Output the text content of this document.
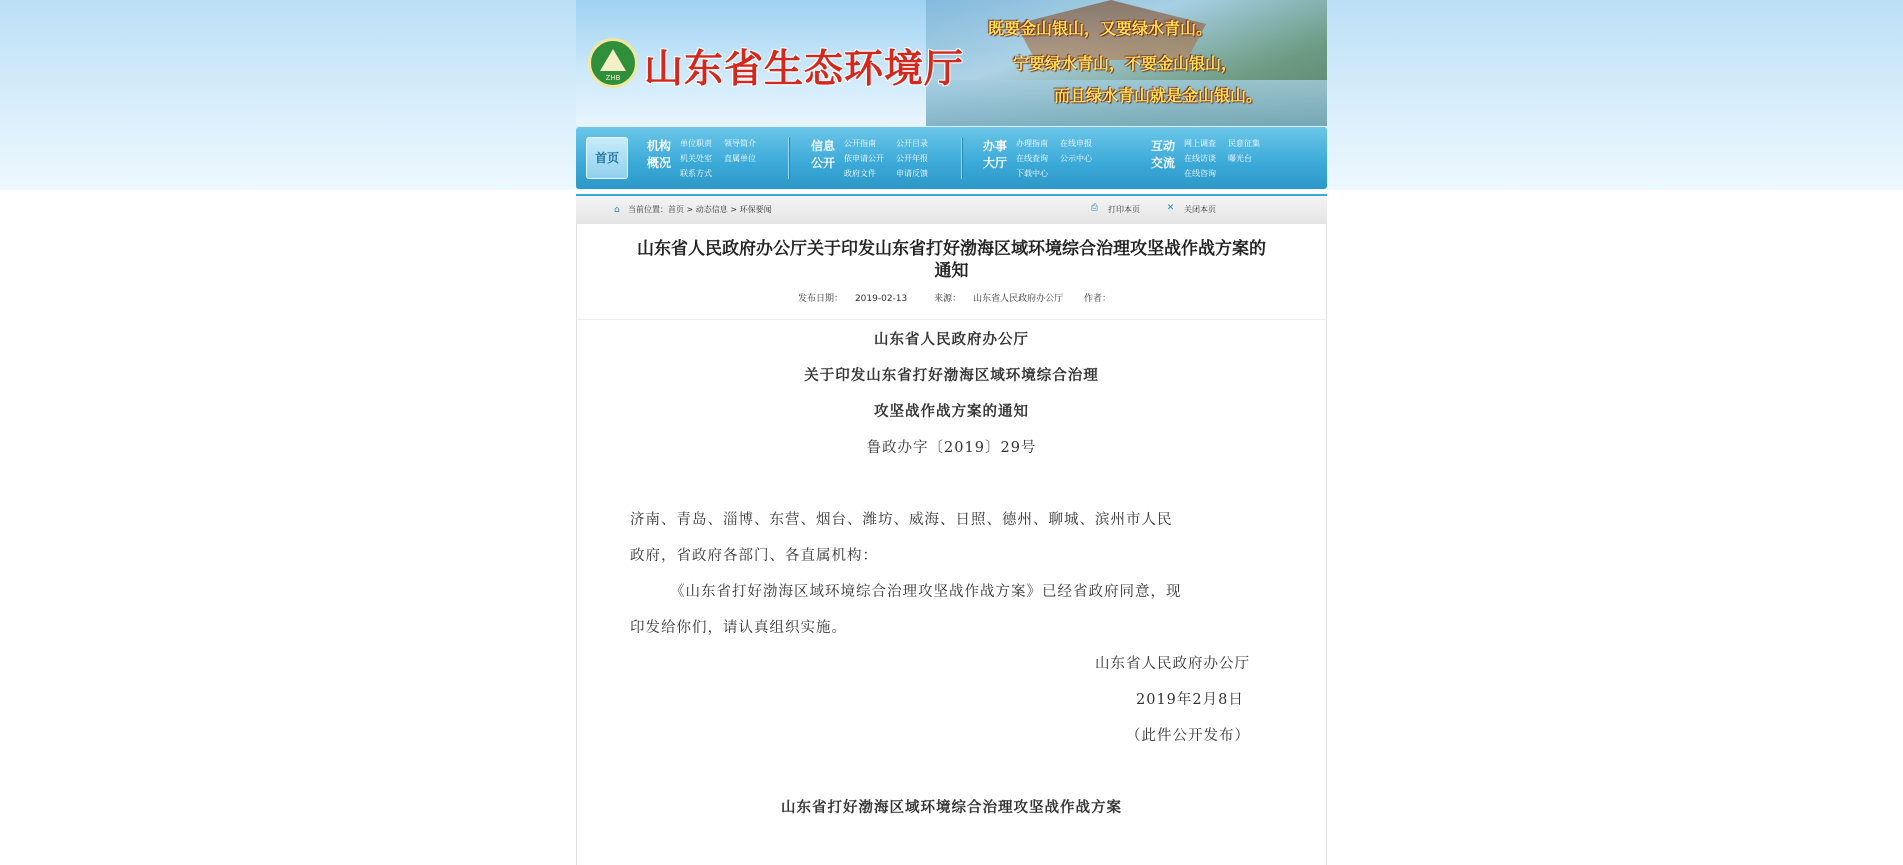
ZHB 山东省生态环境厅
既要金山银山，又要绿水青山。
宁要绿水青山，不要金山银山，
而且绿水青山就是金山银山。
首页
机构
概况
单位职责 领导简介
机关处室 直属单位
联系方式
信息
公开
公开指南	公开目录
依申请公开 公开年报
政府文件	申请反馈
办事
大厅
办理指南 在线申报
在线查询 公示中心
下载中心
互动
交流
网上调查 民意征集
在线访谈 曝光台
在线咨询
⌂ 当前位置：首页 > 动态信息 > 环保要闻	⎙ 打印本页	✕ 关闭本页
山东省人民政府办公厅关于印发山东省打好渤海区域环境综合治理攻坚战作战方案的
通知
发布日期： 2019-02-13	来源： 山东省人民政府办公厅 作者：
山东省人民政府办公厅
关于印发山东省打好渤海区域环境综合治理
攻坚战作战方案的通知
鲁政办字〔2019〕29号
济南、青岛、淄博、东营、烟台、潍坊、威海、日照、德州、聊城、滨州市人民
政府，省政府各部门、各直属机构：
《山东省打好渤海区域环境综合治理攻坚战作战方案》已经省政府同意，现
印发给你们，请认真组织实施。
山东省人民政府办公厅
2019年2月8日
（此件公开发布）
山东省打好渤海区域环境综合治理攻坚战作战方案
